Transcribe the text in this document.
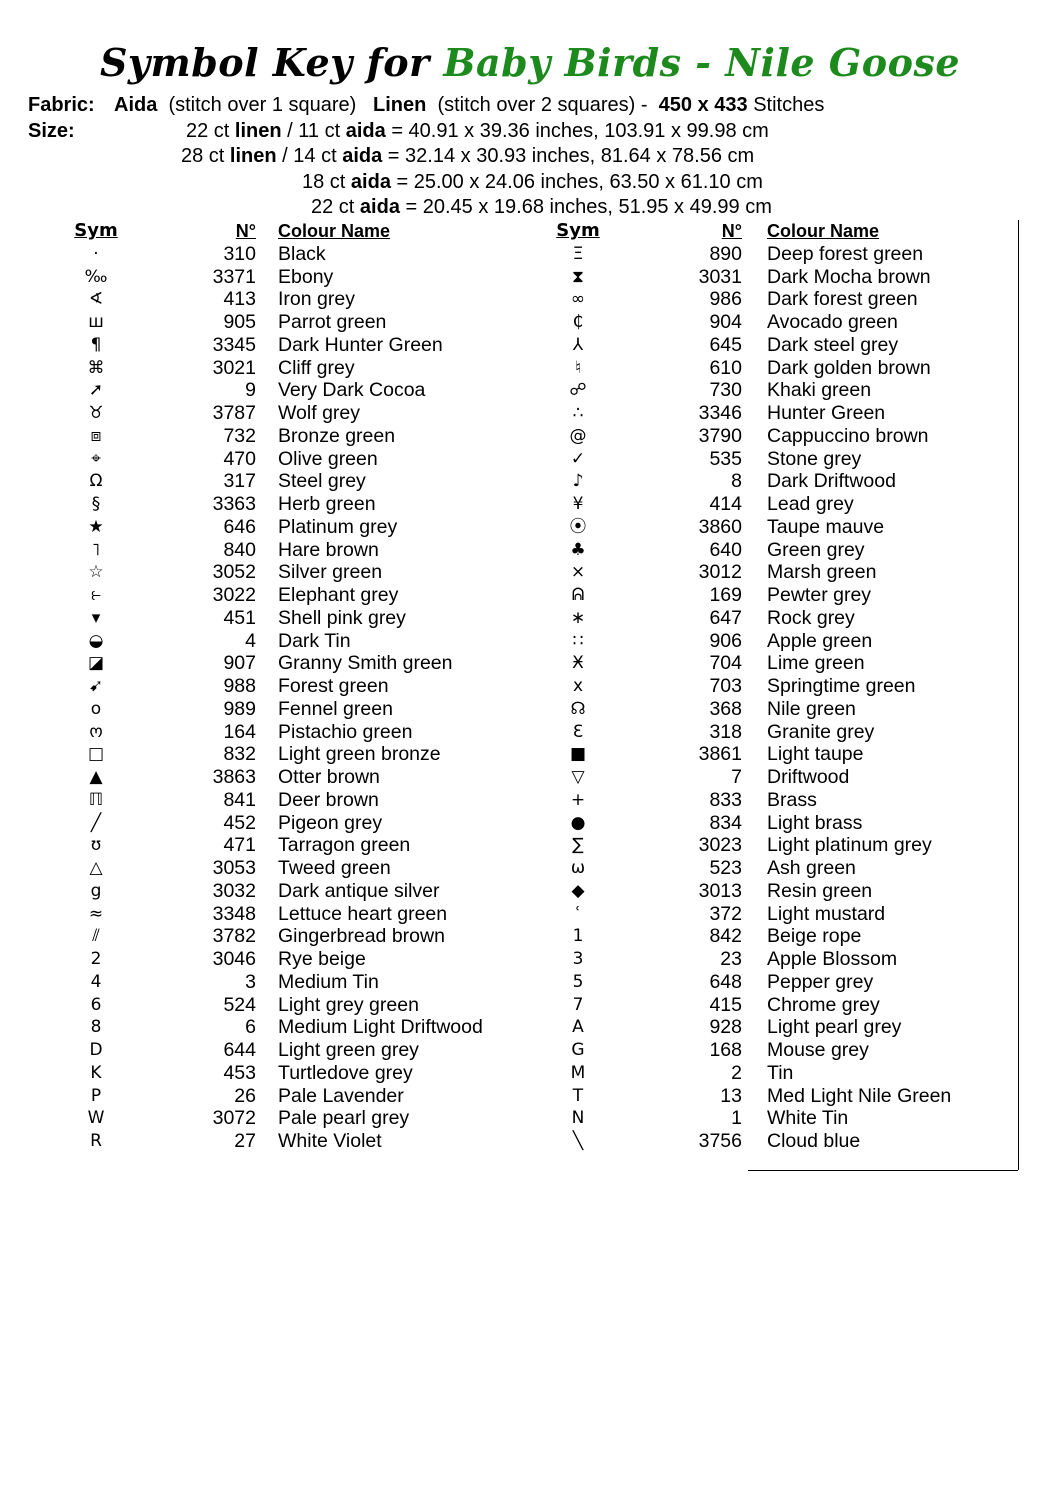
Symbol Key for Baby Birds - Nile Goose
Fabric: Aida (stitch over 1 square) Linen (stitch over 2 squares) - 450 x 433 Stitches
Size:	22 ct linen / 11 ct aida = 40.91 x 39.36 inches, 103.91 x 99.98 cm
28 ct linen / 14 ct aida = 32.14 x 30.93 inches, 81.64 x 78.56 cm
18 ct aida = 25.00 x 24.06 inches, 63.50 x 61.10 cm
22 ct aida = 20.45 x 19.68 inches, 51.95 x 49.99 cm
Sym	N° Colour Name
·	310 Black
‰	3371 Ebony
∢	413 Iron grey
ш	905 Parrot green
¶	3345 Dark Hunter Green
⌘	3021 Cliff grey
➚	9 Very Dark Cocoa
♉	3787 Wolf grey
⧈	732 Bronze green
⌖	470 Olive green
Ω	317 Steel grey
§	3363 Herb green
★	646 Platinum grey
˥	840 Hare brown
☆	3052 Silver green
⥼	3022 Elephant grey
▾	451 Shell pink grey
◒	4 Dark Tin
◪	907 Granny Smith green
➹	988 Forest green
o	989 Fennel green
ო	164 Pistachio green
□	832 Light green bronze
▲	3863 Otter brown
ℿ	841 Deer brown
╱	452 Pigeon grey
ʊ	471 Tarragon green
△	3053 Tweed green
g	3032 Dark antique silver
≈	3348 Lettuce heart green
⫽	3782 Gingerbread brown
2	3046 Rye beige
4	3 Medium Tin
6	524 Light grey green
8	6 Medium Light Driftwood
D	644 Light green grey
K	453 Turtledove grey
P	26 Pale Lavender
W	3072 Pale pearl grey
R	27 White Violet
Sym	N° Colour Name
Ξ	890 Deep forest green
⧗	3031 Dark Mocha brown
∞	986 Dark forest green
₵	904 Avocado green
⅄	645 Dark steel grey
♮	610 Dark golden brown
☍	730 Khaki green
∴	3346 Hunter Green
@	3790 Cappuccino brown
✓	535 Stone grey
♪	8 Dark Driftwood
¥	414 Lead grey
⦿	3860 Taupe mauve
♣	640 Green grey
⨯	3012 Marsh green
ᕱ	169 Pewter grey
∗	647 Rock grey
∷	906 Apple green
Ӿ	704 Lime green
x	703 Springtime green
☊	368 Nile green
Ɛ	318 Granite grey
■	3861 Light taupe
▽	7 Driftwood
+	833 Brass
●	834 Light brass
∑	3023 Light platinum grey
ω	523 Ash green
◆	3013 Resin green
ʿ	372 Light mustard
1	842 Beige rope
3	23 Apple Blossom
5	648 Pepper grey
7	415 Chrome grey
A	928 Light pearl grey
G	168 Mouse grey
M	2 Tin
T	13 Med Light Nile Green
N	1 White Tin
╲	3756 Cloud blue
